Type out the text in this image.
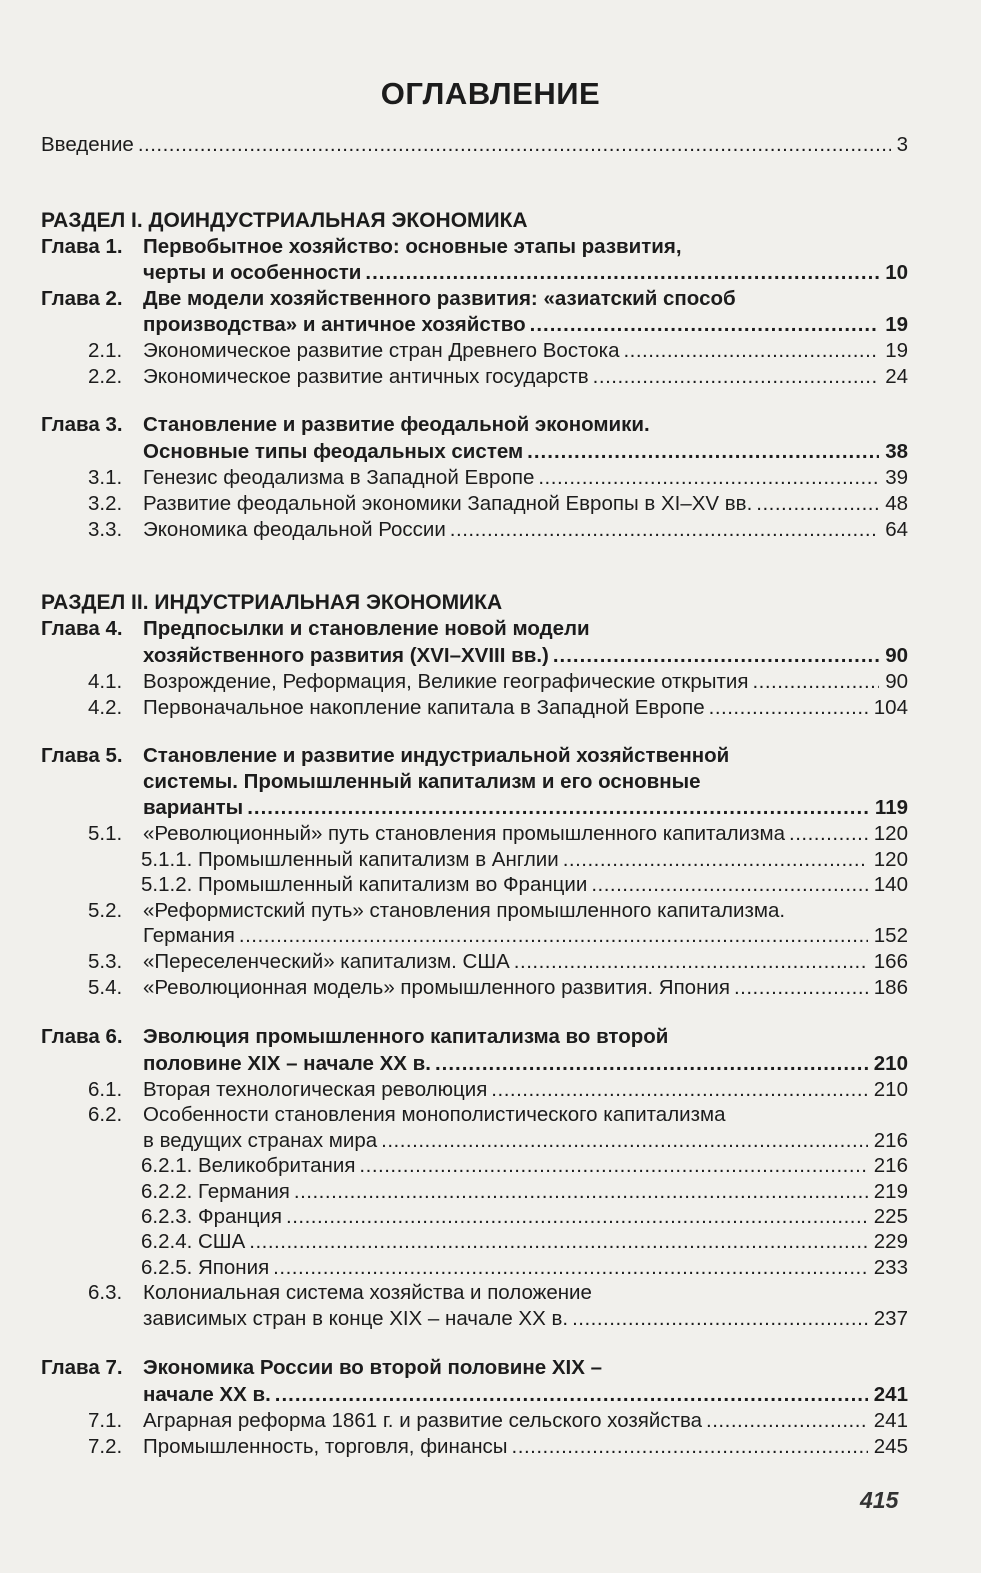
ОГЛАВЛЕНИЕ
Введение	3
.....
РАЗДЕЛ I. ДОИНДУСТРИАЛЬНАЯ ЭКОНОМИКА
Глава 1. Первобытное хозяйство: основные этапы развития,
черты и особенности	10
.....
Глава 2. Две модели хозяйственного развития: «азиатский способ
производства» и античное хозяйство	19
.....
2.1. Экономическое развитие стран Древнего Востока	19
.....
2.2. Экономическое развитие античных государств	24
.....
Глава 3. Становление и развитие феодальной экономики.
Основные типы феодальных систем	38
.....
3.1. Генезис феодализма в Западной Европе	39
.....
3.2. Развитие феодальной экономики Западной Европы в XI–XV вв.	48
.....
3.3. Экономика феодальной России	64
.....
РАЗДЕЛ II. ИНДУСТРИАЛЬНАЯ ЭКОНОМИКА
Глава 4. Предпосылки и становление новой модели
хозяйственного развития (XVI–XVIII вв.)	90
.....
4.1. Возрождение, Реформация, Великие географические открытия	90
.....
4.2. Первоначальное накопление капитала в Западной Европе	104
.....
Глава 5. Становление и развитие индустриальной хозяйственной
системы. Промышленный капитализм и его основные
варианты	119
.....
5.1. «Революционный» путь становления промышленного капитализма	120
.....
5.1.1. Промышленный капитализм в Англии	120
.....
5.1.2. Промышленный капитализм во Франции	140
.....
5.2. «Реформистский путь» становления промышленного капитализма.
Германия	152
.....
5.3. «Переселенческий» капитализм. США	166
.....
5.4. «Революционная модель» промышленного развития. Япония	186
.....
Глава 6. Эволюция промышленного капитализма во второй
половине XIX – начале XX в.	210
.....
6.1. Вторая технологическая революция	210
.....
6.2. Особенности становления монополистического капитализма
в ведущих странах мира	216
.....
6.2.1. Великобритания	216
.....
6.2.2. Германия	219
.....
6.2.3. Франция	225
.....
6.2.4. США	229
.....
6.2.5. Япония	233
.....
6.3. Колониальная система хозяйства и положение
зависимых стран в конце XIX – начале XX в.	237
.....
Глава 7. Экономика России во второй половине XIX –
начале XX в.	241
.....
7.1. Аграрная реформа 1861 г. и развитие сельского хозяйства	241
.....
7.2. Промышленность, торговля, финансы	245
.....
415
